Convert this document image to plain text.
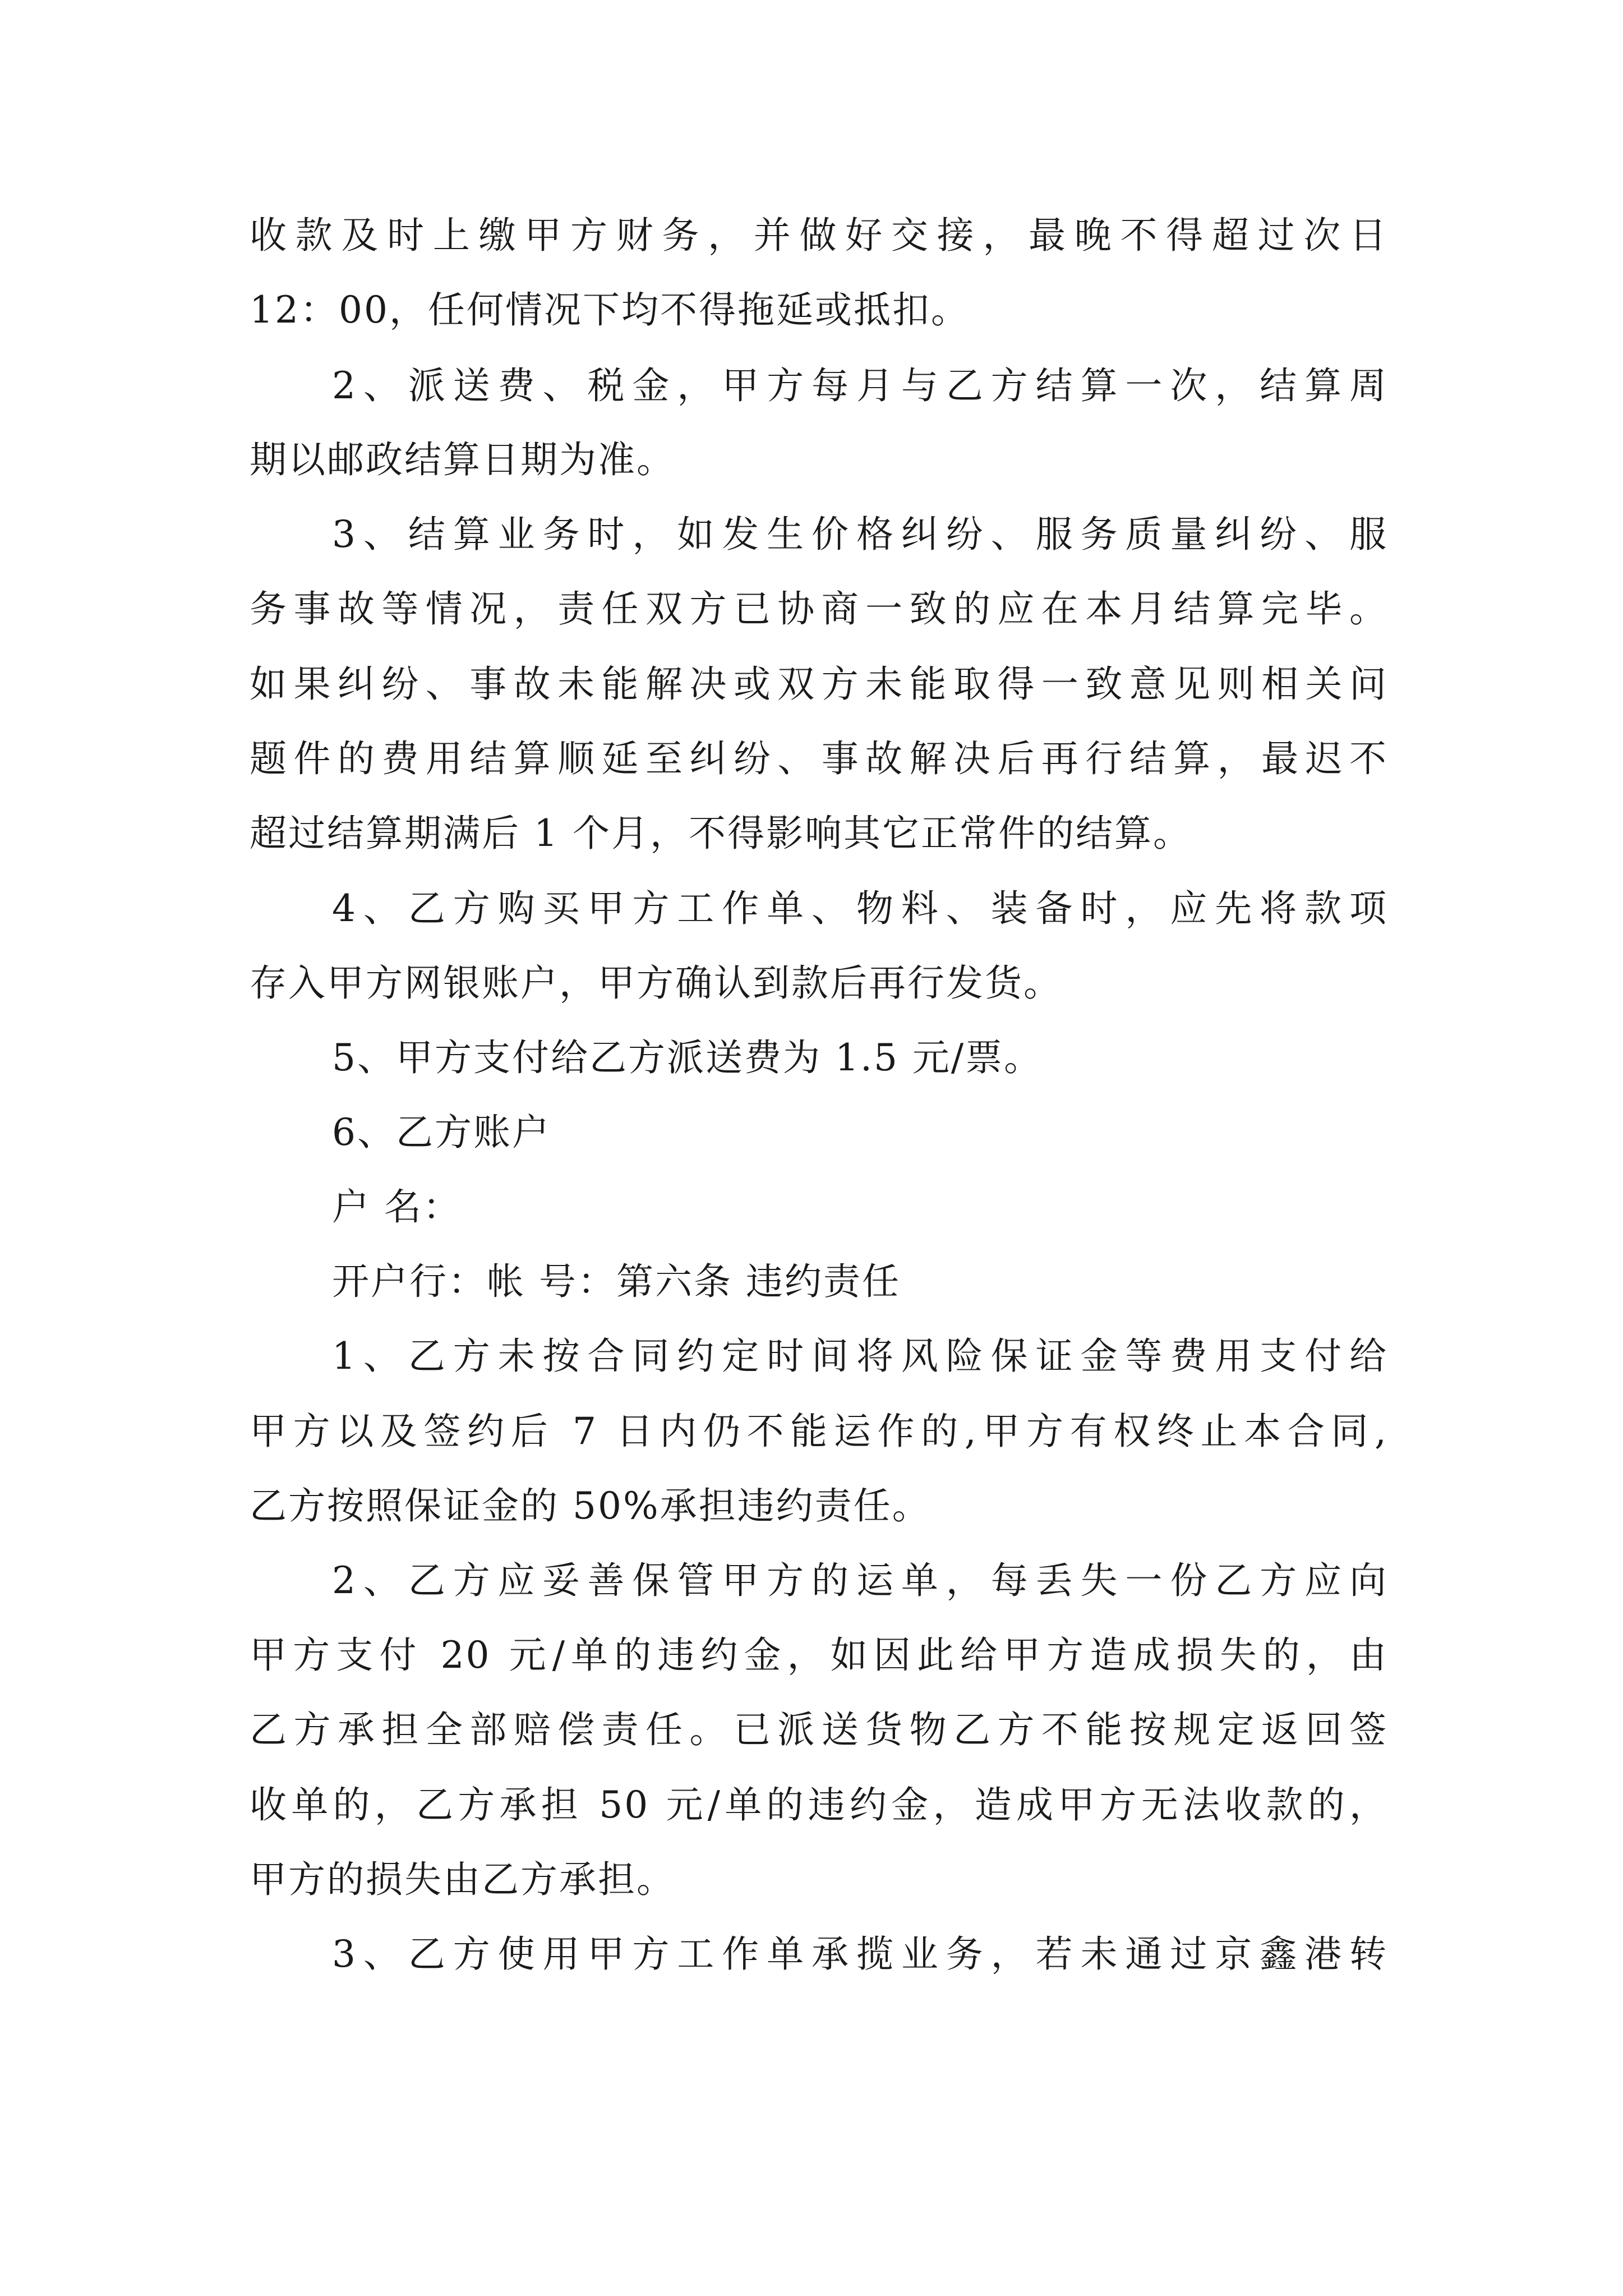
收款及时上缴甲方财务，并做好交接，最晚不得超过次日
12：00，任何情况下均不得拖延或抵扣。
2、派送费、税金，甲方每月与乙方结算一次，结算周
期以邮政结算日期为准。
3、结算业务时，如发生价格纠纷、服务质量纠纷、服
务事故等情况，责任双方已协商一致的应在本月结算完毕。
如果纠纷、事故未能解决或双方未能取得一致意见则相关问
题件的费用结算顺延至纠纷、事故解决后再行结算，最迟不
超过结算期满后 1 个月，不得影响其它正常件的结算。
4、乙方购买甲方工作单、物料、装备时，应先将款项
存入甲方网银账户，甲方确认到款后再行发货。
5、甲方支付给乙方派送费为 1.5 元/票。
6、乙方账户
户 名：
开户行：帐 号：第六条 违约责任
1、乙方未按合同约定时间将风险保证金等费用支付给
甲方以及签约后 7 日内仍不能运作的,甲方有权终止本合同,
乙方按照保证金的 50%承担违约责任。
2、乙方应妥善保管甲方的运单，每丢失一份乙方应向
甲方支付 20 元/单的违约金，如因此给甲方造成损失的，由
乙方承担全部赔偿责任。已派送货物乙方不能按规定返回签
收单的，乙方承担 50 元/单的违约金，造成甲方无法收款的，
甲方的损失由乙方承担。
3、乙方使用甲方工作单承揽业务，若未通过京鑫港转
